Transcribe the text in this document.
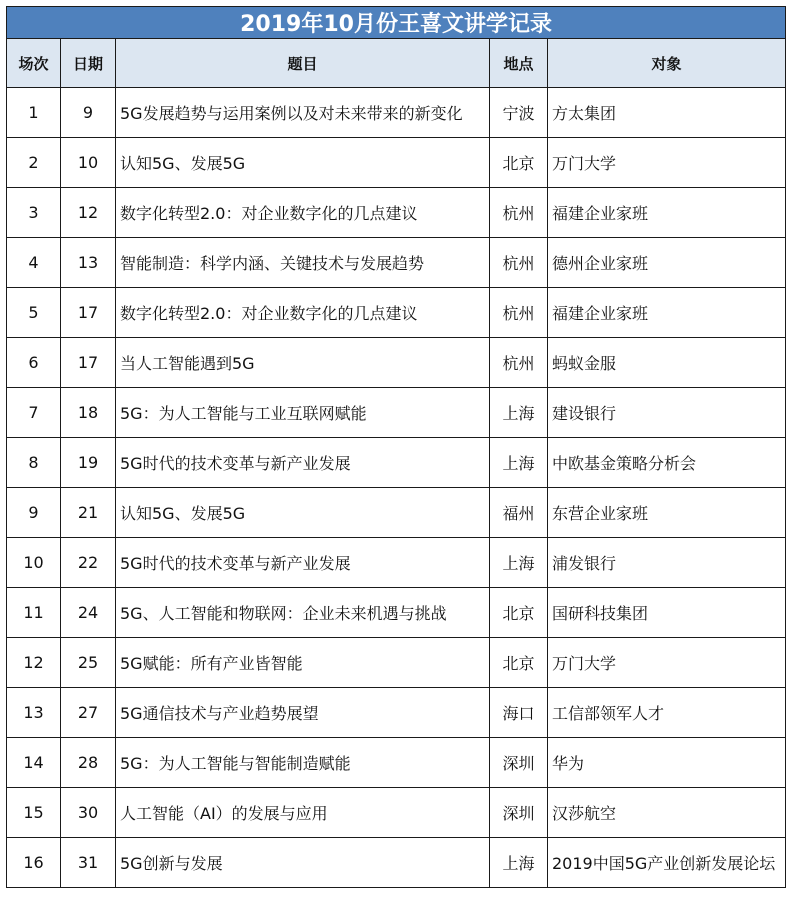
2019年10月份王喜文讲学记录				
场次	日期	题目	地点	对象
1	9	5G发展趋势与运用案例以及对未来带来的新变化	宁波	方太集团
2	10	认知5G、发展5G	北京	万门大学
3	12	数字化转型2.0：对企业数字化的几点建议	杭州	福建企业家班
4	13	智能制造：科学内涵、关键技术与发展趋势	杭州	德州企业家班
5	17	数字化转型2.0：对企业数字化的几点建议	杭州	福建企业家班
6	17	当人工智能遇到5G	杭州	蚂蚁金服
7	18	5G：为人工智能与工业互联网赋能	上海	建设银行
8	19	5G时代的技术变革与新产业发展	上海	中欧基金策略分析会
9	21	认知5G、发展5G	福州	东营企业家班
10	22	5G时代的技术变革与新产业发展	上海	浦发银行
11	24	5G、人工智能和物联网：企业未来机遇与挑战	北京	国研科技集团
12	25	5G赋能：所有产业皆智能	北京	万门大学
13	27	5G通信技术与产业趋势展望	海口	工信部领军人才
14	28	5G：为人工智能与智能制造赋能	深圳	华为
15	30	人工智能（AI）的发展与应用	深圳	汉莎航空
16	31	5G创新与发展	上海	2019中国5G产业创新发展论坛
